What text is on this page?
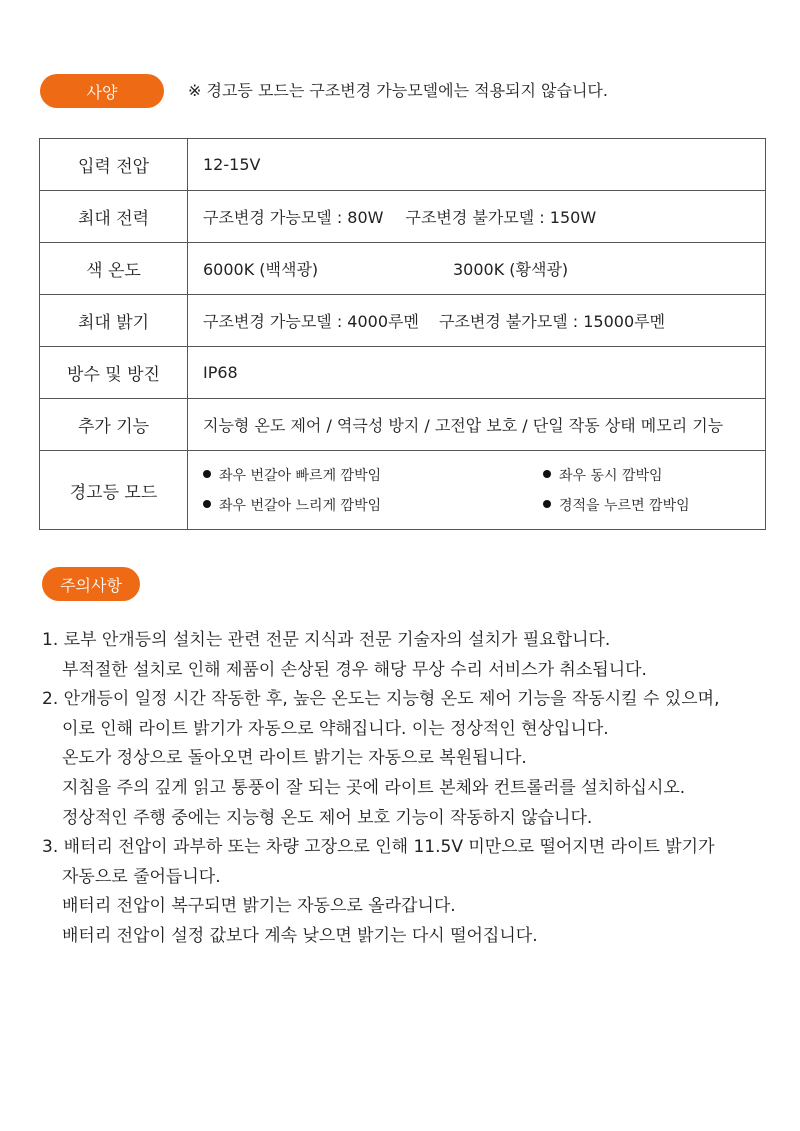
사양	※ 경고등 모드는 구조변경 가능모델에는 적용되지 않습니다.
입력 전압	12-15V
최대 전력	구조변경 가능모델 : 80W 구조변경 불가모델 : 150W
색 온도	6000K (백색광) 3000K (황색광)
최대 밝기	구조변경 가능모델 : 4000루멘 구조변경 불가모델 : 15000루멘
방수 및 방진	IP68
추가 기능	지능형 온도 제어 / 역극성 방지 / 고전압 보호 / 단일 작동 상태 메모리 기능
경고등 모드	좌우 번갈아 빠르게 깜박임 좌우 동시 깜박임
좌우 번갈아 느리게 깜박임 경적을 누르면 깜박임
주의사항
1. 로부 안개등의 설치는 관련 전문 지식과 전문 기술자의 설치가 필요합니다.
부적절한 설치로 인해 제품이 손상된 경우 해당 무상 수리 서비스가 취소됩니다.
2. 안개등이 일정 시간 작동한 후, 높은 온도는 지능형 온도 제어 기능을 작동시킬 수 있으며,
이로 인해 라이트 밝기가 자동으로 약해집니다. 이는 정상적인 현상입니다.
온도가 정상으로 돌아오면 라이트 밝기는 자동으로 복원됩니다.
지침을 주의 깊게 읽고 통풍이 잘 되는 곳에 라이트 본체와 컨트롤러를 설치하십시오.
정상적인 주행 중에는 지능형 온도 제어 보호 기능이 작동하지 않습니다.
3. 배터리 전압이 과부하 또는 차량 고장으로 인해 11.5V 미만으로 떨어지면 라이트 밝기가
자동으로 줄어듭니다.
배터리 전압이 복구되면 밝기는 자동으로 올라갑니다.
배터리 전압이 설정 값보다 계속 낮으면 밝기는 다시 떨어집니다.
